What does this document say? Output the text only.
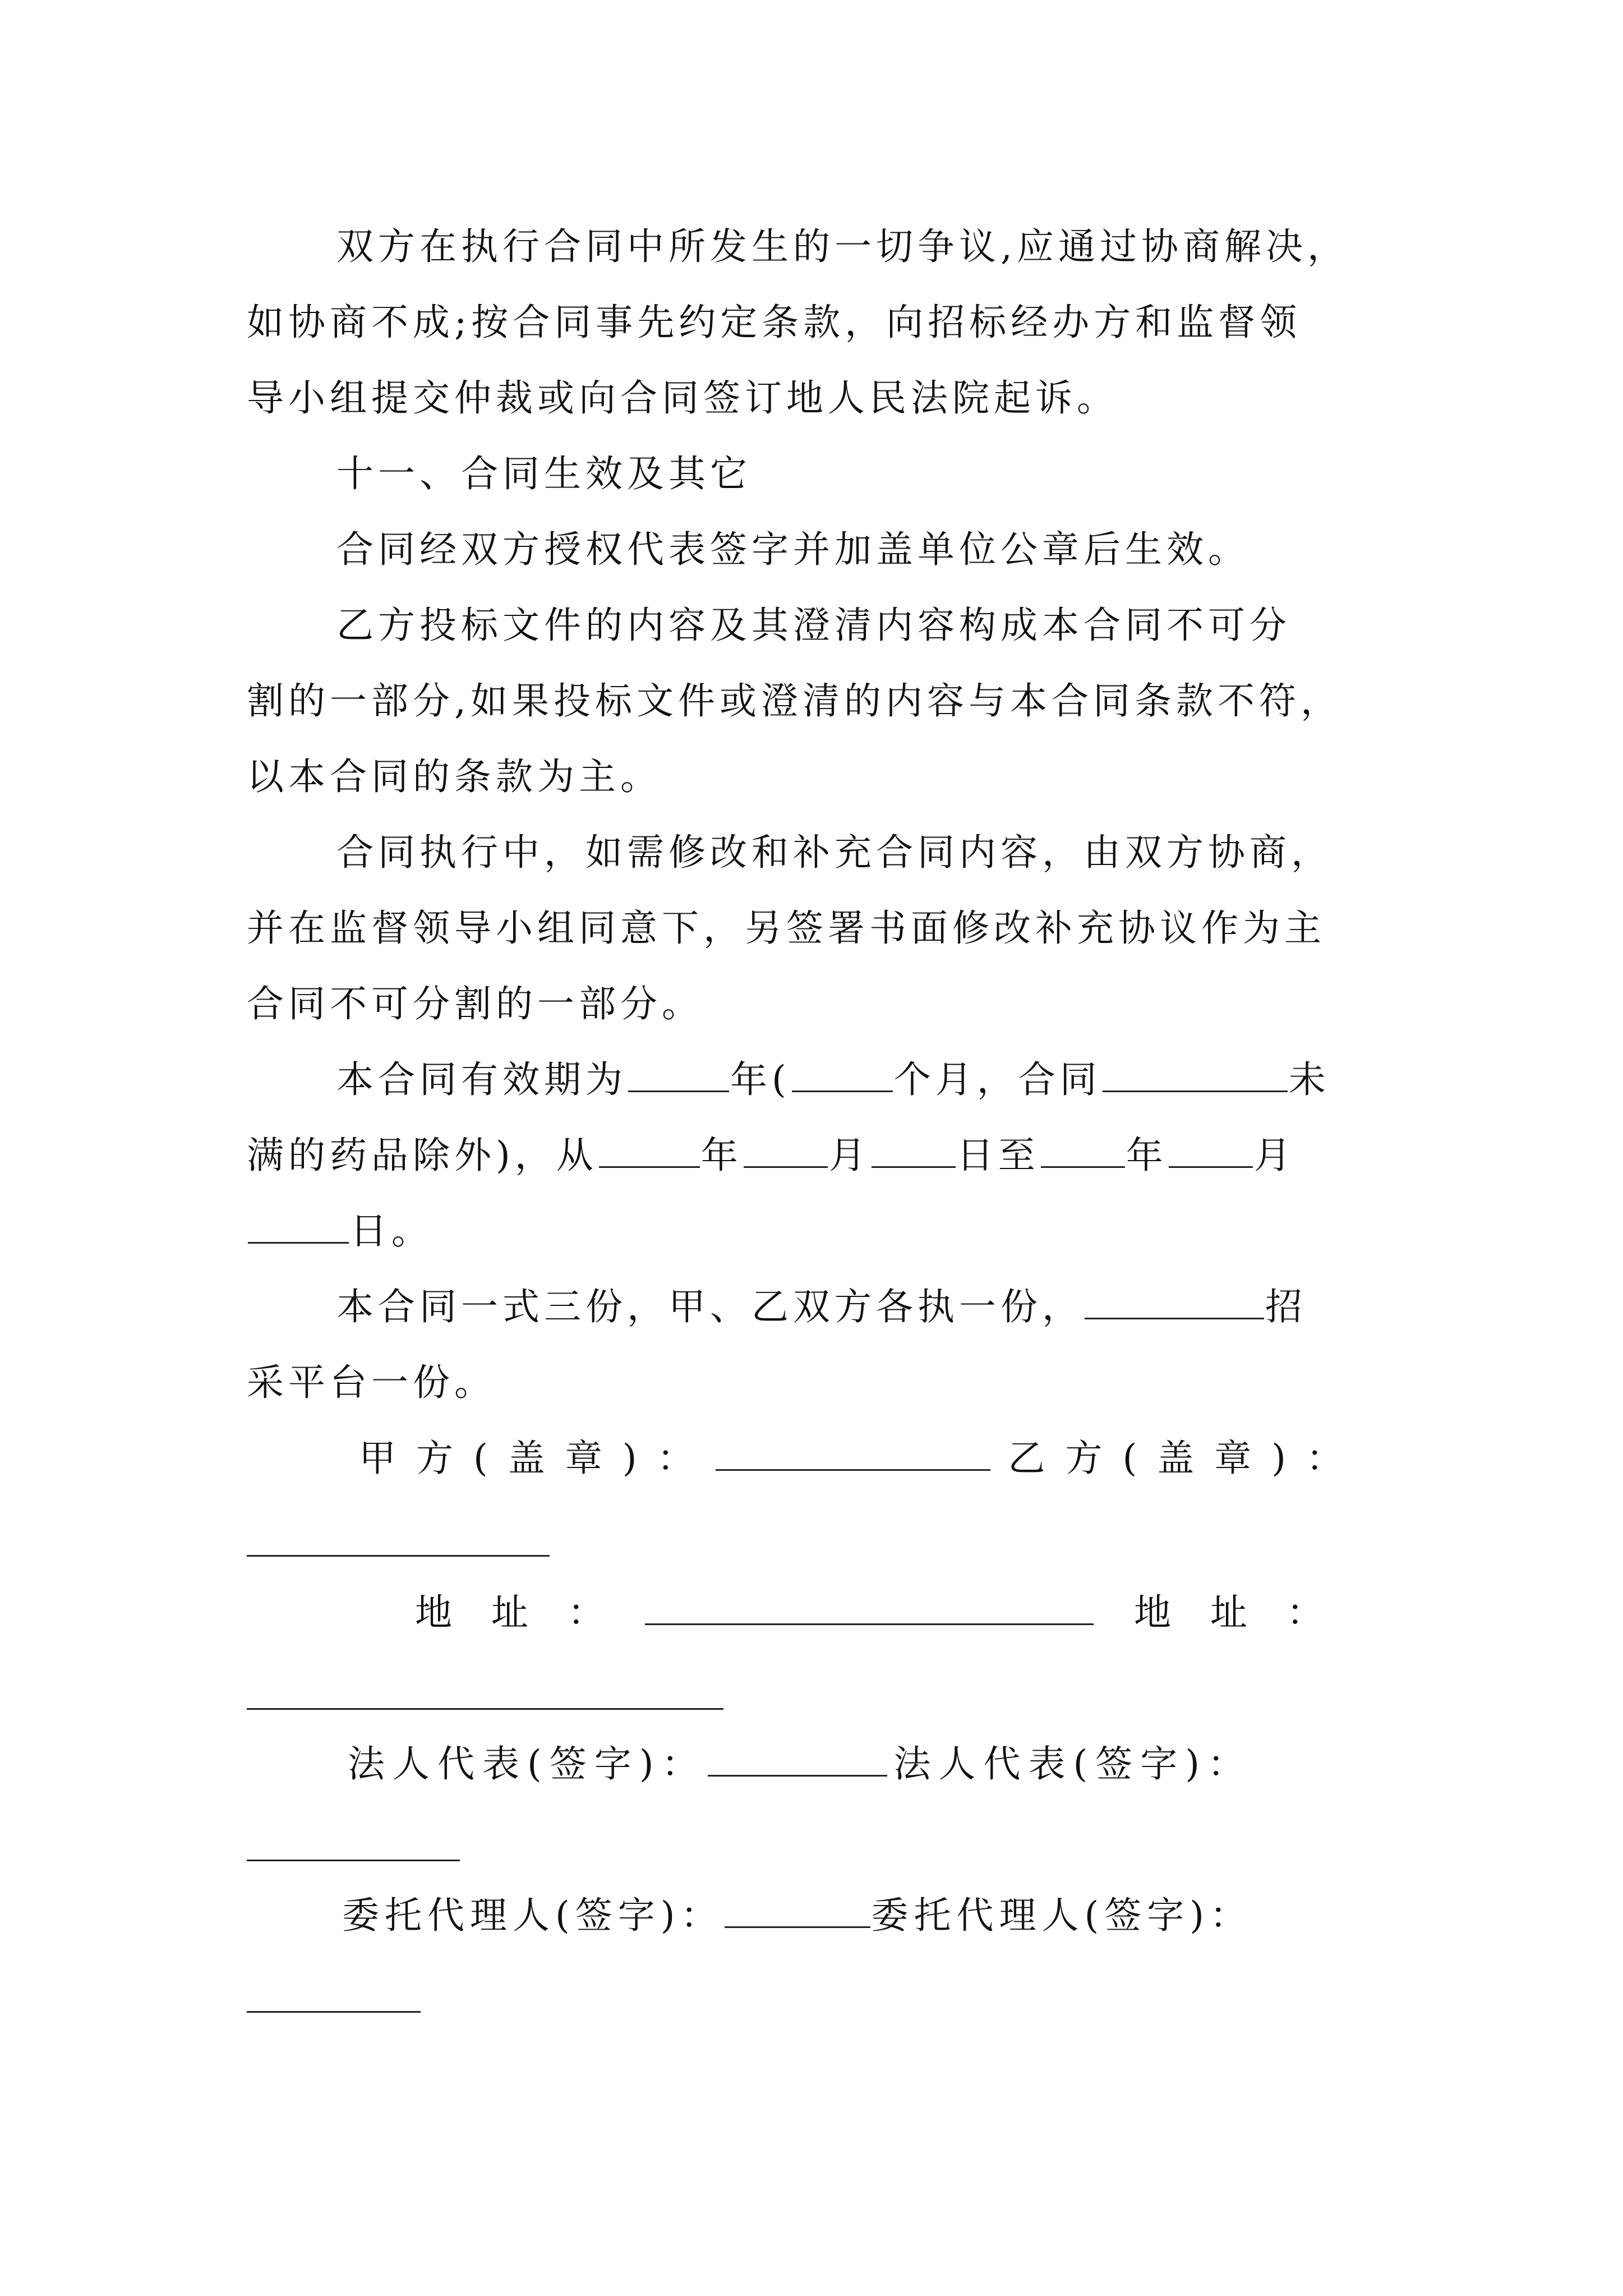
双方在执行合同中所发生的一切争议,应通过协商解决，
如协商不成;按合同事先约定条款，向招标经办方和监督领
导小组提交仲裁或向合同签订地人民法院起诉。
十一、合同生效及其它
合同经双方授权代表签字并加盖单位公章后生效。
乙方投标文件的内容及其澄清内容构成本合同不可分
割的一部分,如果投标文件或澄清的内容与本合同条款不符，
以本合同的条款为主。
合同执行中，如需修改和补充合同内容，由双方协商，
并在监督领导小组同意下，另签署书面修改补充协议作为主
合同不可分割的一部分。
本合同有效期为	年(	个月，合同	未
满的药品除外)，从	年 月 日至 年 月
日。
本合同一式三份，甲、乙双方各执一份，	招
采平台一份。
甲方(盖章)：	乙方(盖章)：
地址：	地址：
法人代表(签字)：	法人代表(签字)：
委托代理人(签字)：	委托代理人(签字)：
